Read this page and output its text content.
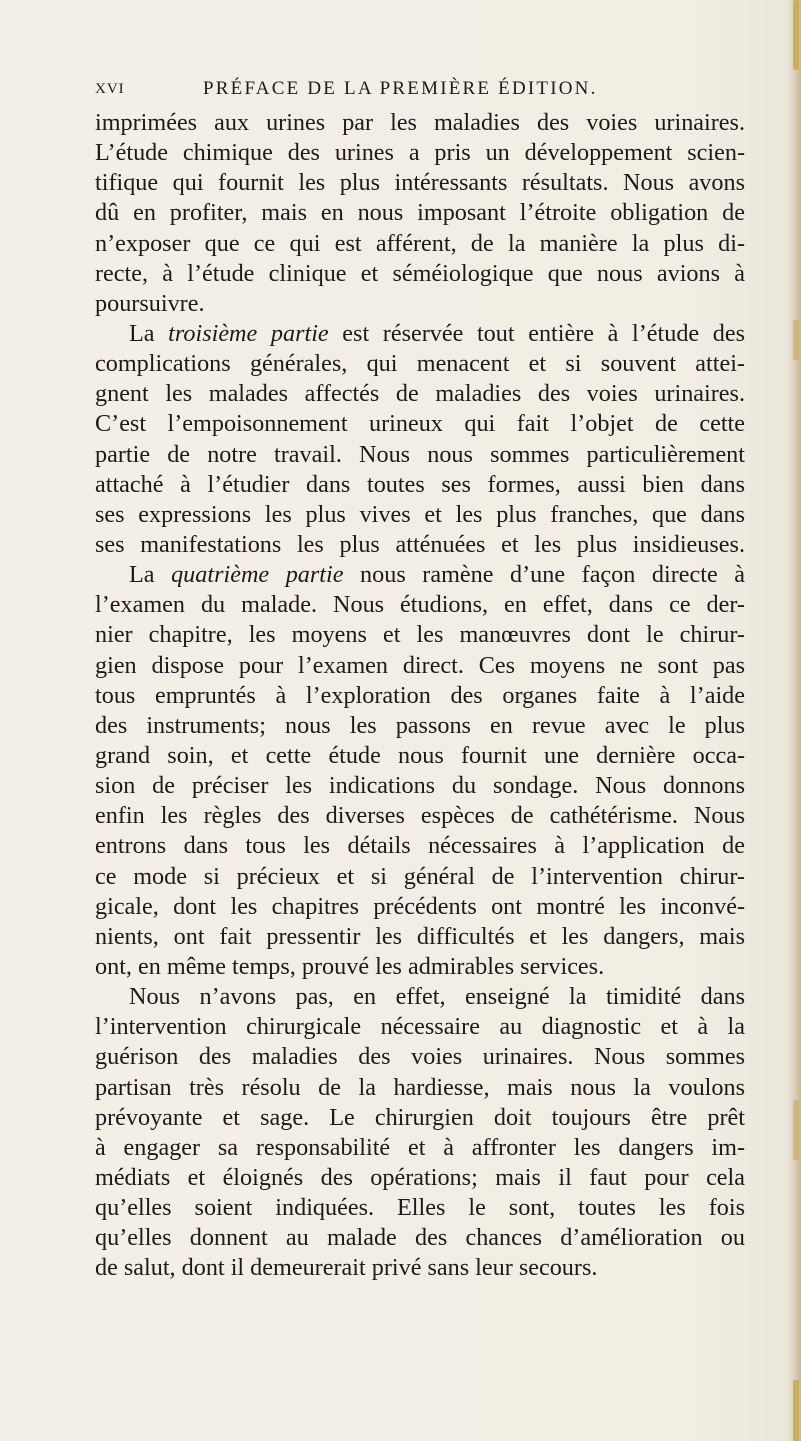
XVI	PRÉFACE DE LA PREMIÈRE ÉDITION.
imprimées aux urines par les maladies des voies urinaires.
L’étude chimique des urines a pris un développement scien-
tifique qui fournit les plus intéressants résultats. Nous avons
dû en profiter, mais en nous imposant l’étroite obligation de
n’exposer que ce qui est afférent, de la manière la plus di-
recte, à l’étude clinique et séméiologique que nous avions à
poursuivre.
La troisième partie est réservée tout entière à l’étude des
complications générales, qui menacent et si souvent attei-
gnent les malades affectés de maladies des voies urinaires.
C’est l’empoisonnement urineux qui fait l’objet de cette
partie de notre travail. Nous nous sommes particulièrement
attaché à l’étudier dans toutes ses formes, aussi bien dans
ses expressions les plus vives et les plus franches, que dans
ses manifestations les plus atténuées et les plus insidieuses.
La quatrième partie nous ramène d’une façon directe à
l’examen du malade. Nous étudions, en effet, dans ce der-
nier chapitre, les moyens et les manœuvres dont le chirur-
gien dispose pour l’examen direct. Ces moyens ne sont pas
tous empruntés à l’exploration des organes faite à l’aide
des instruments; nous les passons en revue avec le plus
grand soin, et cette étude nous fournit une dernière occa-
sion de préciser les indications du sondage. Nous donnons
enfin les règles des diverses espèces de cathétérisme. Nous
entrons dans tous les détails nécessaires à l’application de
ce mode si précieux et si général de l’intervention chirur-
gicale, dont les chapitres précédents ont montré les inconvé-
nients, ont fait pressentir les difficultés et les dangers, mais
ont, en même temps, prouvé les admirables services.
Nous n’avons pas, en effet, enseigné la timidité dans
l’intervention chirurgicale nécessaire au diagnostic et à la
guérison des maladies des voies urinaires. Nous sommes
partisan très résolu de la hardiesse, mais nous la voulons
prévoyante et sage. Le chirurgien doit toujours être prêt
à engager sa responsabilité et à affronter les dangers im-
médiats et éloignés des opérations; mais il faut pour cela
qu’elles soient indiquées. Elles le sont, toutes les fois
qu’elles donnent au malade des chances d’amélioration ou
de salut, dont il demeurerait privé sans leur secours.
